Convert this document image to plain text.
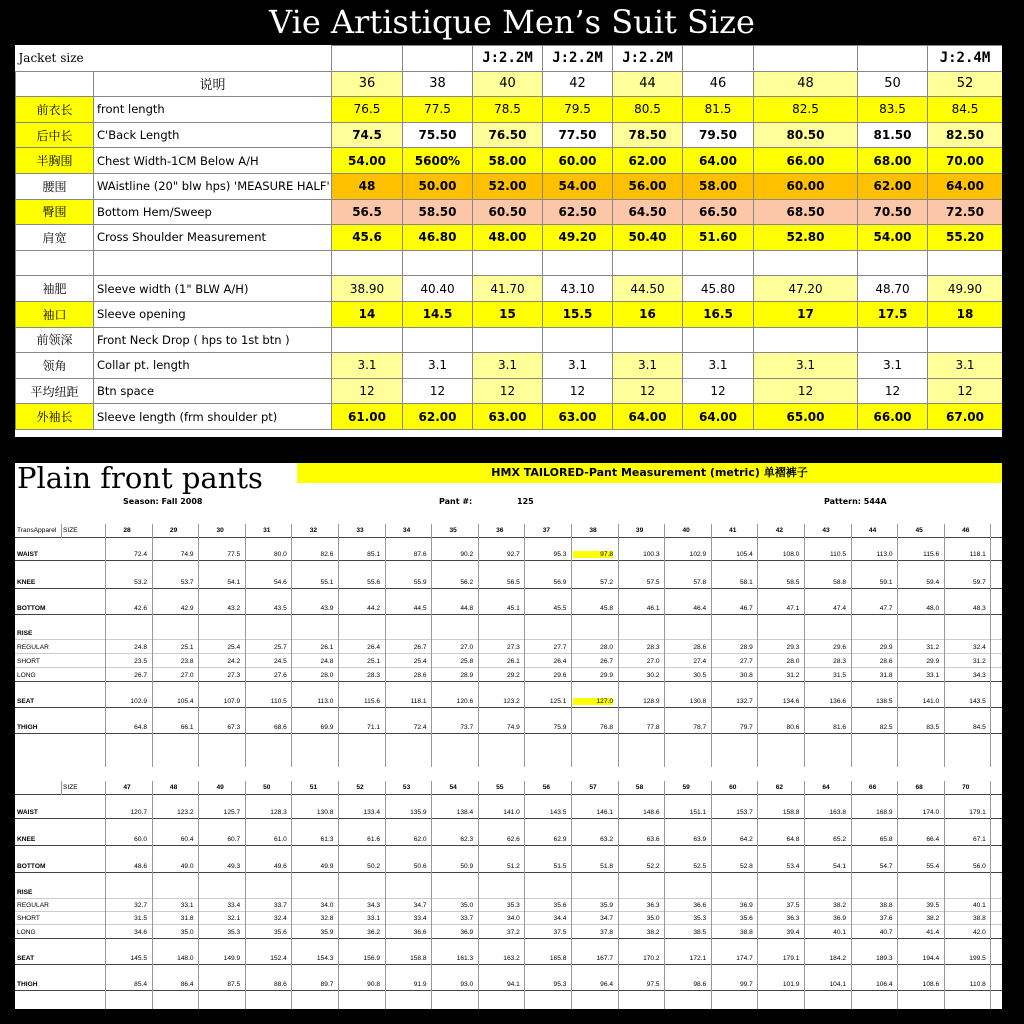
Vie Artistique Men’s Suit Size
Jacket size				J:2.2M	J:2.2M	J:2.2M				J:2.4M
	说明	36	38	40	42	44	46	48	50	52
前衣长	front length	76.5	77.5	78.5	79.5	80.5	81.5	82.5	83.5	84.5
后中长	C'Back Length	74.5	75.50	76.50	77.50	78.50	79.50	80.50	81.50	82.50
半胸围	Chest Width-1CM Below A/H	54.00	5600%	58.00	60.00	62.00	64.00	66.00	68.00	70.00
腰围	WAistline (20" blw hps) 'MEASURE HALF'	48	50.00	52.00	54.00	56.00	58.00	60.00	62.00	64.00
臀围	Bottom Hem/Sweep	56.5	58.50	60.50	62.50	64.50	66.50	68.50	70.50	72.50
肩宽	Cross Shoulder Measurement	45.6	46.80	48.00	49.20	50.40	51.60	52.80	54.00	55.20

袖肥	Sleeve width (1" BLW A/H)	38.90	40.40	41.70	43.10	44.50	45.80	47.20	48.70	49.90
袖口	Sleeve opening	14	14.5	15	15.5	16	16.5	17	17.5	18
前领深	Front Neck Drop ( hps to 1st btn )									
领角	Collar pt. length	3.1	3.1	3.1	3.1	3.1	3.1	3.1	3.1	3.1
平均纽距	Btn space	12	12	12	12	12	12	12	12	12
外袖长	Sleeve length (frm shoulder pt)	61.00	62.00	63.00	63.00	64.00	64.00	65.00	66.00	67.00
Plain front pants	HMX TAILORED-Pant Measurement (metric) 单褶裤子
Season: Fall 2008	Pant #:	125	Pattern: 544A
TransApparel SIZE	28	29	30	31	32	33	34	35	36	37	38	39	40	41	42	43	44	45	46
WAIST	72.4	74.9	77.5	80.0	82.6	85.1	87.6	90.2	92.7	95.3	97.8	100.3	102.9	105.4	108.0	110.5	113.0	115.6	118.1
KNEE	53.2	53.7	54.1	54.6	55.1	55.6	55.9	56.2	56.5	56.9	57.2	57.5	57.8	58.1	58.5	58.8	59.1	59.4	59.7
BOTTOM	42.6	42.9	43.2	43.5	43.9	44.2	44.5	44.8	45.1	45.5	45.8	46.1	46.4	46.7	47.1	47.4	47.7	48.0	48.3
RISE
REGULAR	24.8	25.1	25.4	25.7	26.1	26.4	26.7	27.0	27.3	27.7	28.0	28.3	28.6	28.9	29.3	29.6	29.9	31.2	32.4
SHORT	23.5	23.8	24.2	24.5	24.8	25.1	25.4	25.8	26.1	26.4	26.7	27.0	27.4	27.7	28.0	28.3	28.6	29.9	31.2
LONG	26.7	27.0	27.3	27.6	28.0	28.3	28.6	28.9	29.2	29.6	29.9	30.2	30.5	30.8	31.2	31.5	31.8	33.1	34.3
SEAT	102.9	105.4	107.9	110.5	113.0	115.6	118.1	120.6	123.2	125.1	127.0	128.9	130.8	132.7	134.6	136.6	138.5	141.0	143.5
THIGH	64.8	66.1	67.3	68.6	69.9	71.1	72.4	73.7	74.9	75.9	76.8	77.8	78.7	79.7	80.6	81.6	82.5	83.5	84.5
SIZE	47	48	49	50	51	52	53	54	55	56	57	58	59	60	62	64	66	68	70
WAIST	120.7	123.2	125.7	128.3	130.8	133.4	135.9	138.4	141.0	143.5	146.1	148.6	151.1	153.7	158.8	163.8	168.9	174.0	179.1
KNEE	60.0	60.4	60.7	61.0	61.3	61.6	62.0	62.3	62.6	62.9	63.2	63.6	63.9	64.2	64.8	65.2	65.8	66.4	67.1
BOTTOM	48.6	49.0	49.3	49.6	49.9	50.2	50.6	50.9	51.2	51.5	51.8	52.2	52.5	52.8	53.4	54.1	54.7	55.4	56.0
RISE
REGULAR	32.7	33.1	33.4	33.7	34.0	34.3	34.7	35.0	35.3	35.6	35.9	36.3	36.6	36.9	37.5	38.2	38.8	39.5	40.1
SHORT	31.5	31.8	32.1	32.4	32.8	33.1	33.4	33.7	34.0	34.4	34.7	35.0	35.3	35.6	36.3	36.9	37.6	38.2	38.8
LONG	34.6	35.0	35.3	35.6	35.9	36.2	36.6	36.9	37.2	37.5	37.8	38.2	38.5	38.8	39.4	40.1	40.7	41.4	42.0
SEAT	145.5	148.0	149.9	152.4	154.3	156.9	158.8	161.3	163.2	165.8	167.7	170.2	172.1	174.7	179.1	184.2	189.3	194.4	199.5
THIGH	85.4	86.4	87.5	88.6	89.7	90.8	91.9	93.0	94.1	95.3	96.4	97.5	98.6	99.7	101.9	104.1	106.4	108.6	110.8
